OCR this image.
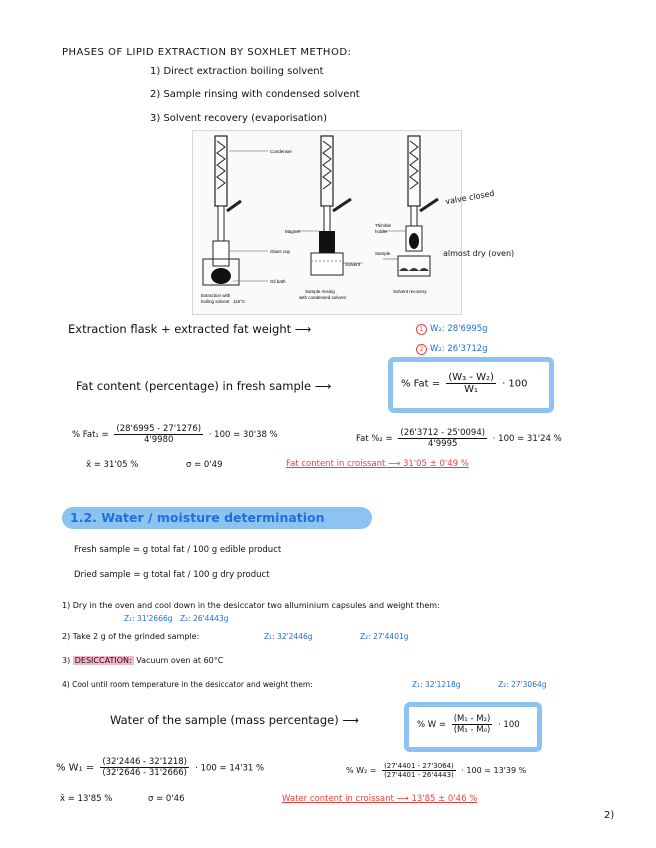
PHASES OF LIPID EXTRACTION BY SOXHLET METHOD:
1) Direct extraction boiling solvent
2) Sample rinsing with condensed solvent
3) Solvent recovery (evaporisation)
Condenser
Glass cup
Oil bath
Magnet
Solvent
Thimble
holder
Sample
Extraction with
boiling solvent 115°C
Sample rinsing
with condensed solvent
Solvent recovery
valve closed
almost dry (oven)
Extraction flask + extracted fat weight ⟶	1 W₂: 28'6995g
2 W₂: 26'3712g
Fat content (percentage) in fresh sample ⟶	% Fat = $\frac{\text{(W₃ - W₂)}}{\text{W₁}} \cdot 100$
% $Fat_1 = \frac{(28'6995 - 27'1276)}{4'9980} \cdot 100 = 30'38$ %	Fat $\%_2 = \frac{(26'3712 - 25'0094)}{4'9995} \cdot 100 = 31'24$ %
x̄ = 31'05 %	σ = 0'49	Fat content in croissant ⟶ 31'05 ± 0'49 %
1.2. Water / moisture determination
Fresh sample = g total fat / 100 g edible product
Dried sample = g total fat / 100 g dry product
1) Dry in the oven and cool down in the desiccator two alluminium capsules and weight them:
Z₁: 31'2666g Z₂: 26'4443g
2) Take 2 g of the grinded sample:	Z₁: 32'2446g	Z₂: 27'4401g
3) DESICCATION: Vacuum oven at 60°C
4) Cool until room temperature in the desiccator and weight them:	Z₁: 32'1218g	Z₂: 27'3064g
Water of the sample (mass percentage) ⟶	% $W = \frac{\text{(M₁ - M₂)}}{\text{(M₁ - M₀)}} \cdot 100$
% $W_1 = \frac{(32'2446 - 32'1218)}{(32'2646 - 31'2666)} \cdot 100 = 14'31$ %	% $W_2 = \frac{(27'4401 - 27'3064)}{(27'4401 - 26'4443)} \cdot 100 = 13'39$ %
x̄ = 13'85 %	σ = 0'46	Water content in croissant ⟶ 13'85 ± 0'46 %
2)
